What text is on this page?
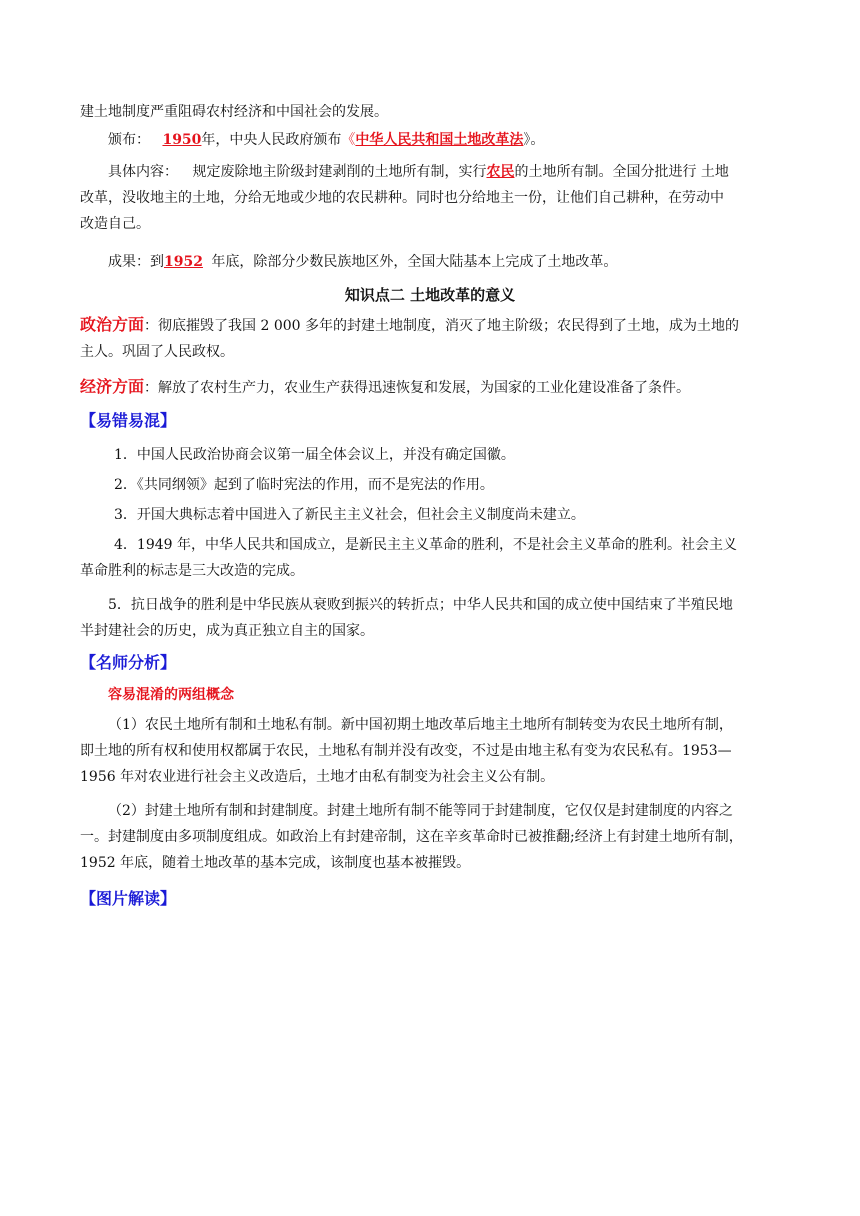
建土地制度严重阻碍农村经济和中国社会的发展。

颁布： 1950年，中央人民政府颁布《中华人民共和国土地改革法》。

具体内容： 规定废除地主阶级封建剥削的土地所有制，实行农民的土地所有制。全国分批进行 土地
改革，没收地主的土地，分给无地或少地的农民耕种。同时也分给地主一份，让他们自己耕种，在劳动中
改造自己。

成果：到1952 年底，除部分少数民族地区外，全国大陆基本上完成了土地改革。

知识点二 土地改革的意义

政治方面：彻底摧毁了我国 2 000 多年的封建土地制度，消灭了地主阶级；农民得到了土地，成为土地的
主人。巩固了人民政权。

经济方面：解放了农村生产力，农业生产获得迅速恢复和发展，为国家的工业化建设准备了条件。

【易错易混】

1．中国人民政治协商会议第一届全体会议上，并没有确定国徽。

2．《共同纲领》起到了临时宪法的作用，而不是宪法的作用。

3．开国大典标志着中国进入了新民主主义社会，但社会主义制度尚未建立。

4．1949 年，中华人民共和国成立，是新民主主义革命的胜利，不是社会主义革命的胜利。社会主义
革命胜利的标志是三大改造的完成。

5．抗日战争的胜利是中华民族从衰败到振兴的转折点；中华人民共和国的成立使中国结束了半殖民地
半封建社会的历史，成为真正独立自主的国家。

【名师分析】

容易混淆的两组概念

（1）农民土地所有制和土地私有制。新中国初期土地改革后地主土地所有制转变为农民土地所有制，
即土地的所有权和使用权都属于农民，土地私有制并没有改变，不过是由地主私有变为农民私有。1953—
1956 年对农业进行社会主义改造后，土地才由私有制变为社会主义公有制。

（2）封建土地所有制和封建制度。封建土地所有制不能等同于封建制度，它仅仅是封建制度的内容之
一。封建制度由多项制度组成。如政治上有封建帝制，这在辛亥革命时已被推翻;经济上有封建土地所有制，
1952 年底，随着土地改革的基本完成，该制度也基本被摧毁。

【图片解读】
